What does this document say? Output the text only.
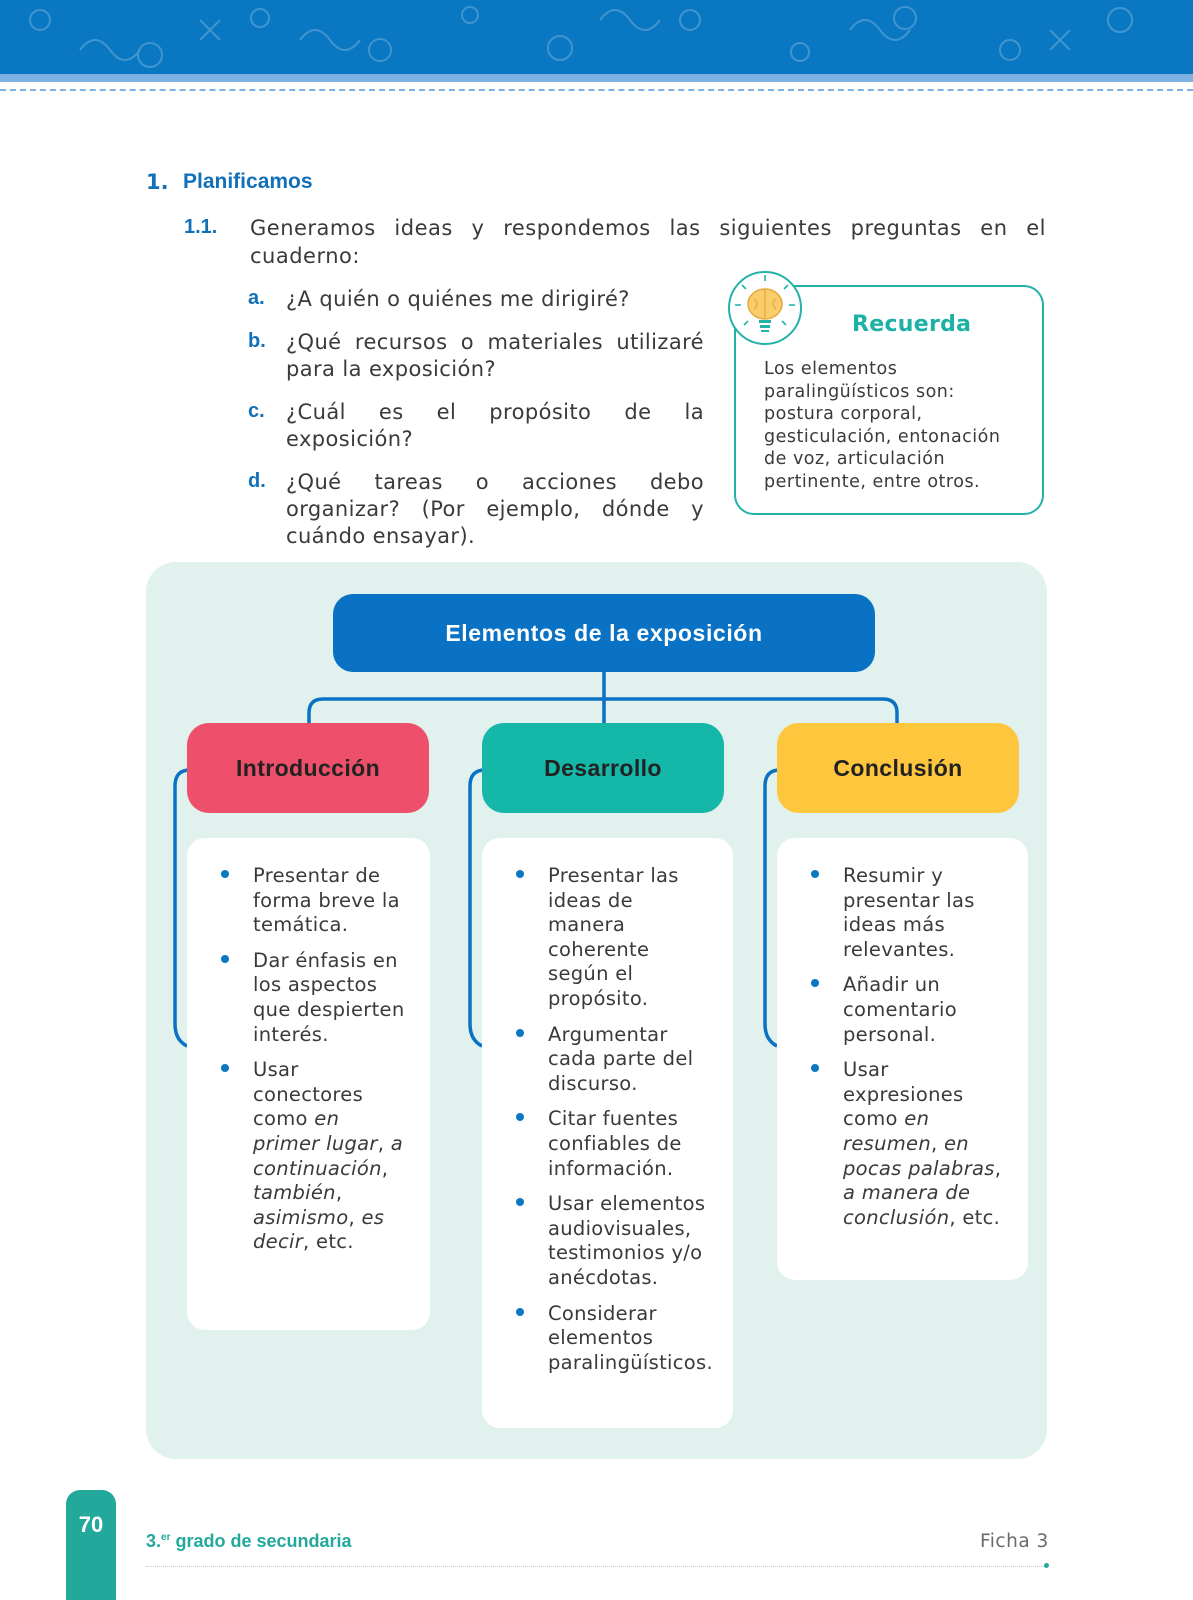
1. Planificamos
1.1. Generamos ideas y respondemos las siguientes preguntas en el cuaderno:
a. ¿A quién o quiénes me dirigiré?
b. ¿Qué recursos o materiales utilizaré para la exposición?
c. ¿Cuál es el propósito de la exposición?
d. ¿Qué tareas o acciones debo organizar? (Por ejemplo, dónde y cuándo ensayar).
Recuerda
Los elementos paralingüísticos son: postura corporal, gesticulación, entonación de voz, articulación pertinente, entre otros.
Elementos de la exposición
Introducción	Desarrollo	Conclusión
Presentar de forma breve la temática.
Dar énfasis en los aspectos que despierten interés.
Usar conectores como en primer lugar, a continuación, también, asimismo, es decir, etc.
Presentar las ideas de manera coherente según el propósito.
Argumentar cada parte del discurso.
Citar fuentes confiables de información.
Usar elementos audiovisuales, testimonios y/o anécdotas.
Considerar elementos paralingüísticos.
Resumir y presentar las ideas más relevantes.
Añadir un comentario personal.
Usar expresiones como en resumen, en pocas palabras, a manera de conclusión, etc.
70
3.$^{er}$ grado de secundaria	Ficha 3
